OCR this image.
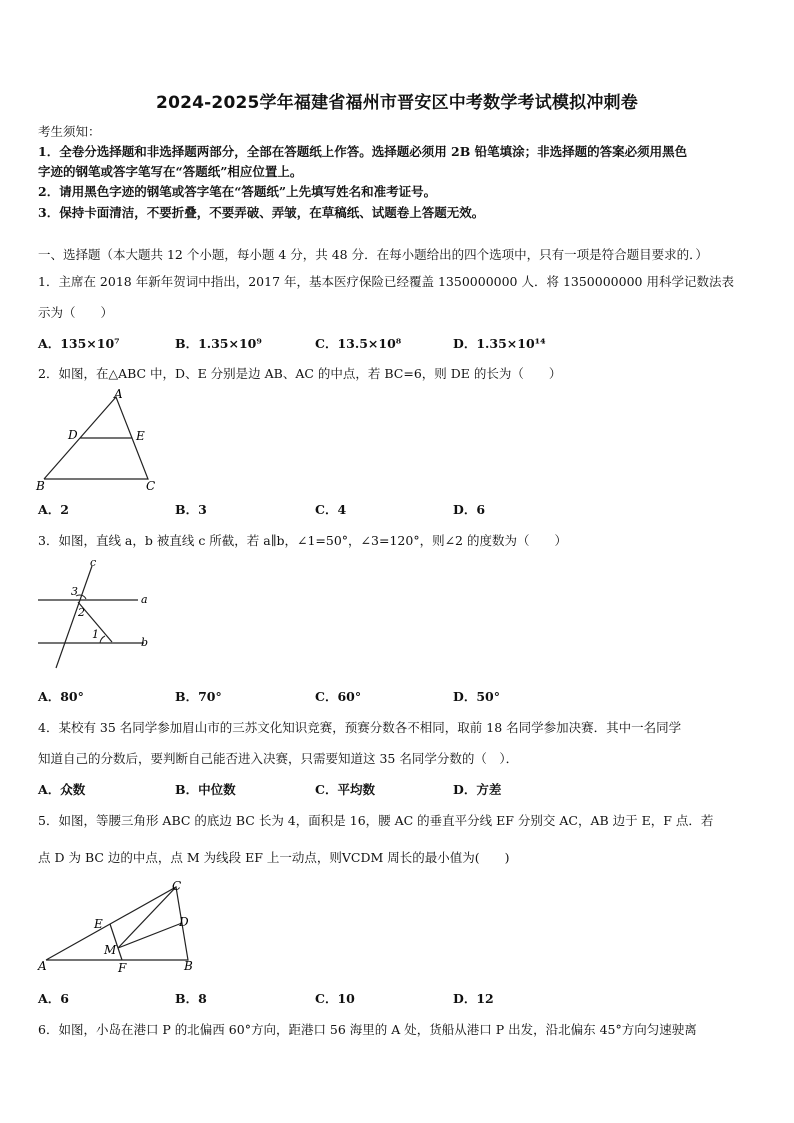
2024-2025学年福建省福州市晋安区中考数学考试模拟冲刺卷
考生须知：
1．全卷分选择题和非选择题两部分，全部在答题纸上作答。选择题必须用 2B 铅笔填涂；非选择题的答案必须用黑色
字迹的钢笔或答字笔写在“答题纸”相应位置上。
2．请用黑色字迹的钢笔或答字笔在“答题纸”上先填写姓名和准考证号。
3．保持卡面清洁，不要折叠，不要弄破、弄皱，在草稿纸、试题卷上答题无效。
一、选择题（本大题共 12 个小题，每小题 4 分，共 48 分．在每小题给出的四个选项中，只有一项是符合题目要求的．）
1．主席在 2018 年新年贺词中指出，2017 年，基本医疗保险已经覆盖 1350000000 人．将 1350000000 用科学记数法表
示为（　　）
A．135×10⁷	B．1.35×10⁹	C．13.5×10⁸	D．1.35×10¹⁴
2．如图，在△ABC 中，D、E 分别是边 AB、AC 的中点，若 BC=6，则 DE 的长为（　　）
A
D	E
B	C
A．2	B．3	C．4	D．6
3．如图，直线 a，b 被直线 c 所截，若 a∥b，∠1=50°，∠3=120°，则∠2 的度数为（　　）
c
a
b
3
2
1
A．80°	B．70°	C．60°	D．50°
4．某校有 35 名同学参加眉山市的三苏文化知识竞赛，预赛分数各不相同，取前 18 名同学参加决赛．其中一名同学
知道自己的分数后，要判断自己能否进入决赛，只需要知道这 35 名同学分数的（　）．
A．众数	B．中位数	C．平均数	D．方差
5．如图，等腰三角形 ABC 的底边 BC 长为 4，面积是 16，腰 AC 的垂直平分线 EF 分别交 AC，AB 边于 E，F 点．若
点 D 为 BC 边的中点，点 M 为线段 EF 上一动点，则VCDM 周长的最小值为(　　)
C
E	D
M
A	F	B
A．6	B．8	C．10	D．12
6．如图，小岛在港口 P 的北偏西 60°方向，距港口 56 海里的 A 处，货船从港口 P 出发，沿北偏东 45°方向匀速驶离
